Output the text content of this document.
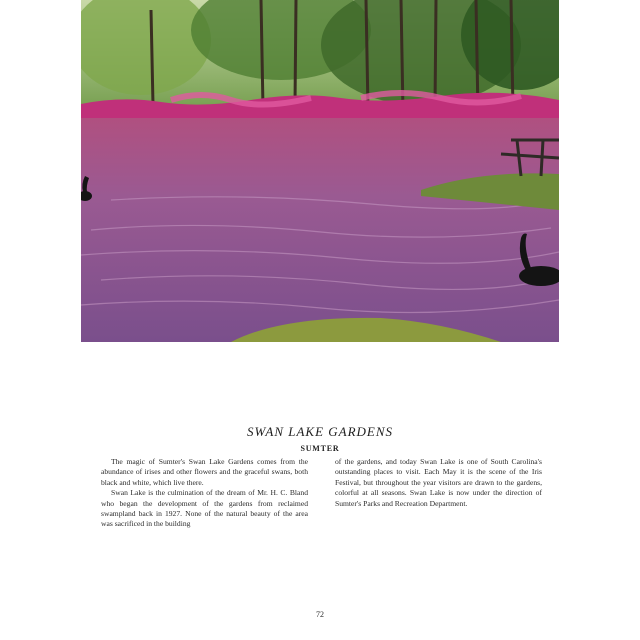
SWAN LAKE GARDENS
SUMTER

The magic of Sumter's Swan Lake Gardens comes from the abundance of irises and other flowers and the graceful swans, both black and white, which live there.

Swan Lake is the culmination of the dream of Mr. H. C. Bland who began the development of the gardens from reclaimed swampland back in 1927. None of the natural beauty of the area was sacrificed in the building

of the gardens, and today Swan Lake is one of South Carolina's outstanding places to visit. Each May it is the scene of the Iris Festival, but throughout the year visitors are drawn to the gardens, colorful at all seasons. Swan Lake is now under the direction of Sumter's Parks and Recreation Department.

72
